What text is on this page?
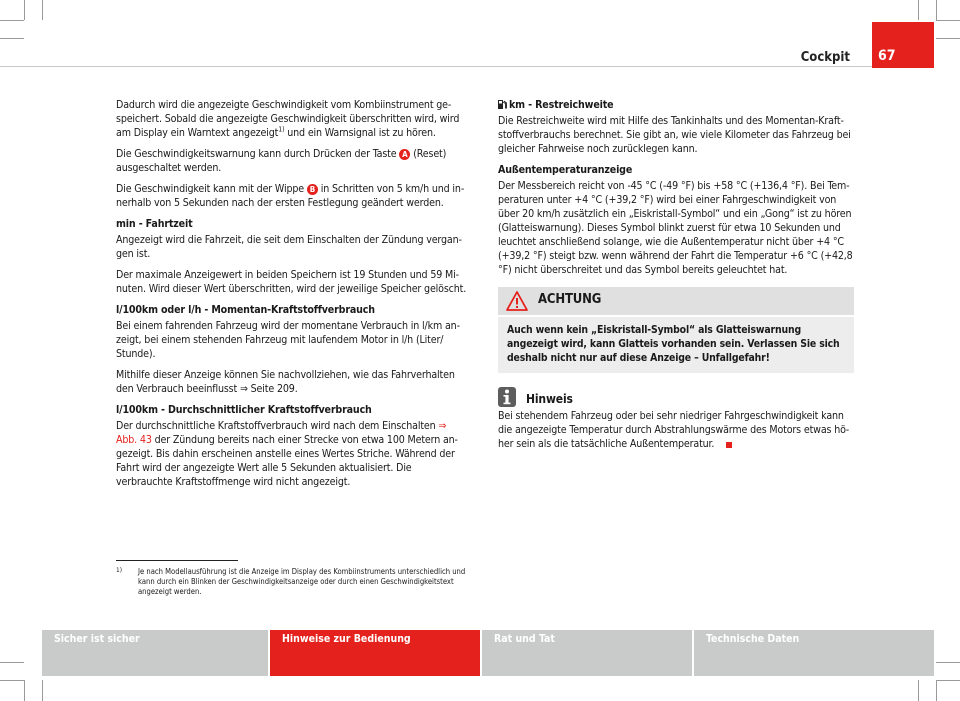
Cockpit 67

Dadurch wird die angezeigte Geschwindigkeit vom Kombiinstrument gespeichert. Sobald die angezeigte Geschwindigkeit überschritten wird, wird am Display ein Warntext angezeigt$^{1)}$ und ein Warnsignal ist zu hören.

Die Geschwindigkeitswarnung kann durch Drücken der Taste A (Reset) ausgeschaltet werden.

Die Geschwindigkeit kann mit der Wippe B in Schritten von 5 km/h und innerhalb von 5 Sekunden nach der ersten Festlegung geändert werden.

min - Fahrtzeit

Angezeigt wird die Fahrzeit, die seit dem Einschalten der Zündung vergangen ist.

Der maximale Anzeigewert in beiden Speichern ist 19 Stunden und 59 Minuten. Wird dieser Wert überschritten, wird der jeweilige Speicher gelöscht.

l/100km oder l/h - Momentan-Kraftstoffverbrauch

Bei einem fahrenden Fahrzeug wird der momentane Verbrauch in l/km anzeigt, bei einem stehenden Fahrzeug mit laufendem Motor in l/h (Liter/ Stunde).

Mithilfe dieser Anzeige können Sie nachvollziehen, wie das Fahrverhalten den Verbrauch beeinflusst ⇒ Seite 209.

l/100km - Durchschnittlicher Kraftstoffverbrauch

Der durchschnittliche Kraftstoffverbrauch wird nach dem Einschalten ⇒ Abb. 43 der Zündung bereits nach einer Strecke von etwa 100 Metern angezeigt. Bis dahin erscheinen anstelle eines Wertes Striche. Während der Fahrt wird der angezeigte Wert alle 5 Sekunden aktualisiert. Die verbrauchte Kraftstoffmenge wird nicht angezeigt.

km - Restreichweite

Die Restreichweite wird mit Hilfe des Tankinhalts und des Momentan-Kraftstoffverbrauchs berechnet. Sie gibt an, wie viele Kilometer das Fahrzeug bei gleicher Fahrweise noch zurücklegen kann.

Außentemperaturanzeige

Der Messbereich reicht von -45 °C (-49 °F) bis +58 °C (+136,4 °F). Bei Temperaturen unter +4 °C (+39,2 °F) wird bei einer Fahrgeschwindigkeit von über 20 km/h zusätzlich ein „Eiskristall-Symbol“ und ein „Gong“ ist zu hören (Glatteiswarnung). Dieses Symbol blinkt zuerst für etwa 10 Sekunden und leuchtet anschließend solange, wie die Außentemperatur nicht über +4 °C (+39,2 °F) steigt bzw. wenn während der Fahrt die Temperatur +6 °C (+42,8 °F) nicht überschreitet und das Symbol bereits geleuchtet hat.

ACHTUNG
Auch wenn kein „Eiskristall-Symbol“ als Glatteiswarnung angezeigt wird, kann Glatteis vorhanden sein. Verlassen Sie sich deshalb nicht nur auf diese Anzeige – Unfallgefahr!
Hinweis

Bei stehendem Fahrzeug oder bei sehr niedriger Fahrgeschwindigkeit kann die angezeigte Temperatur durch Abstrahlungswärme des Motors etwas höher sein als die tatsächliche Außentemperatur.

1) Je nach Modellausführung ist die Anzeige im Display des Kombiinstruments unterschiedlich und kann durch ein Blinken der Geschwindigkeitsanzeige oder durch einen Geschwindigkeitstext angezeigt werden.
Sicher ist sicher	Hinweise zur Bedienung	Rat und Tat	Technische Daten
